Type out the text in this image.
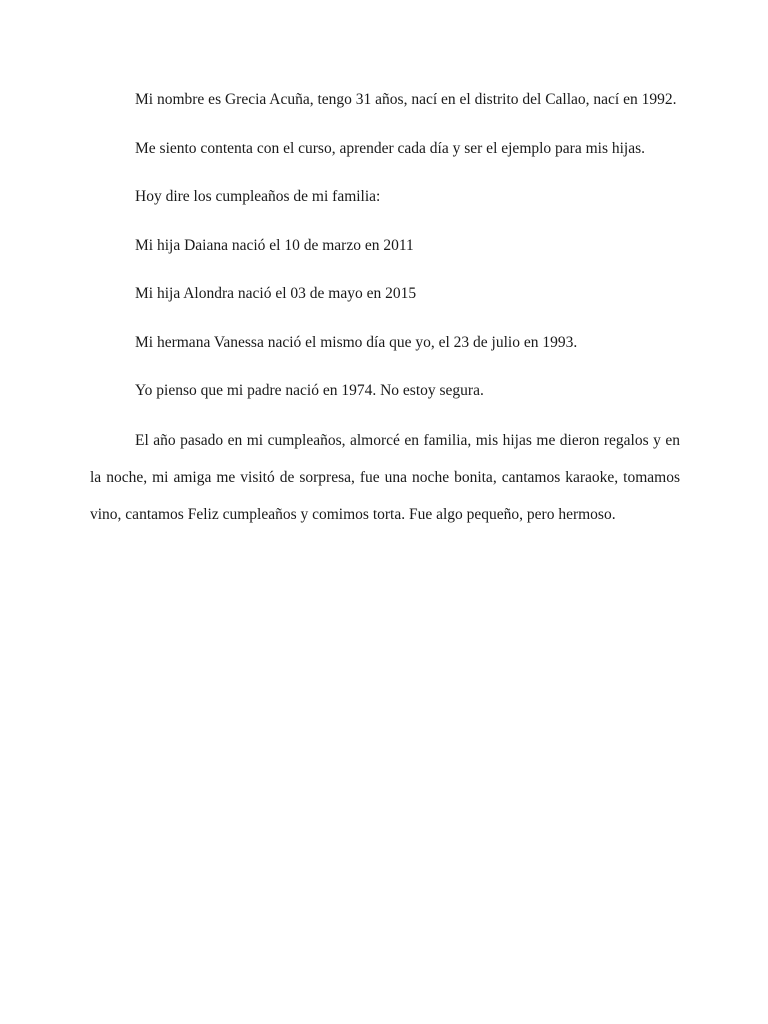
Mi nombre es Grecia Acuña, tengo 31 años, nací en el distrito del Callao, nací en 1992.

Me siento contenta con el curso, aprender cada día y ser el ejemplo para mis hijas.

Hoy dire los cumpleaños de mi familia:

Mi hija Daiana nació el 10 de marzo en 2011

Mi hija Alondra nació el 03 de mayo en 2015

Mi hermana Vanessa nació el mismo día que yo, el 23 de julio en 1993.

Yo pienso que mi padre nació en 1974. No estoy segura.

El año pasado en mi cumpleaños, almorcé en familia, mis hijas me dieron regalos y en la noche, mi amiga me visitó de sorpresa, fue una noche bonita, cantamos karaoke, tomamos vino, cantamos Feliz cumpleaños y comimos torta. Fue algo pequeño, pero hermoso.
